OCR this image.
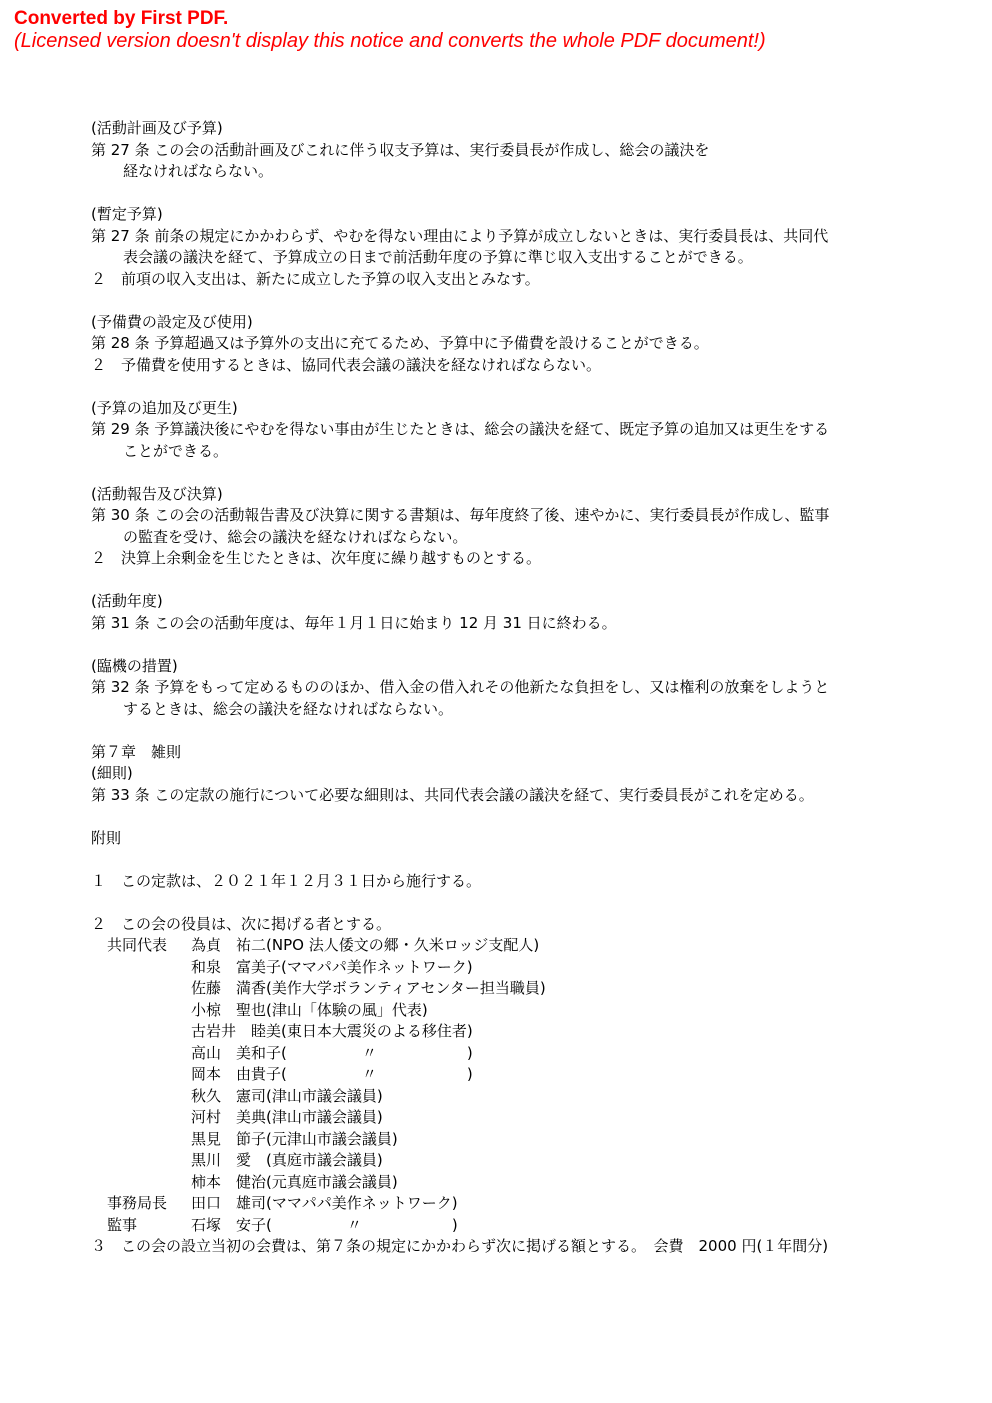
Converted by First PDF.
(Licensed version doesn't display this notice and converts the whole PDF document!)

(活動計画及び予算)

第 27 条 この会の活動計画及びこれに伴う収支予算は、実行委員長が作成し、総会の議決を

経なければならない。

(暫定予算)

第 27 条 前条の規定にかかわらず、やむを得ない理由により予算が成立しないときは、実行委員長は、共同代

表会議の議決を経て、予算成立の日まで前活動年度の予算に準じ収入支出することができる。

２　前項の収入支出は、新たに成立した予算の収入支出とみなす。

(予備費の設定及び使用)

第 28 条 予算超過又は予算外の支出に充てるため、予算中に予備費を設けることができる。

２　予備費を使用するときは、協同代表会議の議決を経なければならない。

(予算の追加及び更生)

第 29 条 予算議決後にやむを得ない事由が生じたときは、総会の議決を経て、既定予算の追加又は更生をする

ことができる。

(活動報告及び決算)

第 30 条 この会の活動報告書及び決算に関する書類は、毎年度終了後、速やかに、実行委員長が作成し、監事

の監査を受け、総会の議決を経なければならない。

２　決算上余剰金を生じたときは、次年度に繰り越すものとする。

(活動年度)

第 31 条 この会の活動年度は、毎年１月１日に始まり 12 月 31 日に終わる。

(臨機の措置)

第 32 条 予算をもって定めるもののほか、借入金の借入れその他新たな負担をし、又は権利の放棄をしようと

するときは、総会の議決を経なければならない。

第７章　雑則

(細則)

第 33 条 この定款の施行について必要な細則は、共同代表会議の議決を経て、実行委員長がこれを定める。

附則

１　この定款は、２０２１年１２月３１日から施行する。

２　この会の役員は、次に掲げる者とする。

共同代表 為貞　祐二(NPO 法人倭文の郷・久米ロッジ支配人)
和泉　富美子(ママパパ美作ネットワーク)
佐藤　満香(美作大学ボランティアセンター担当職員)
小椋　聖也(津山「体験の風」代表)
古岩井　睦美(東日本大震災のよる移住者)
高山　美和子(　　　　　〃　　　　　　)
岡本　由貴子(　　　　　〃　　　　　　)
秋久　憲司(津山市議会議員)
河村　美典(津山市議会議員)
黒見　節子(元津山市議会議員)
黒川　愛　(真庭市議会議員)
柿本　健治(元真庭市議会議員)
事務局長 田口　雄司(ママパパ美作ネットワーク)
監事	石塚　安子(　　　　　〃　　　　　　)

３　この会の設立当初の会費は、第７条の規定にかかわらず次に掲げる額とする。　会費　2000 円(１年間分)
